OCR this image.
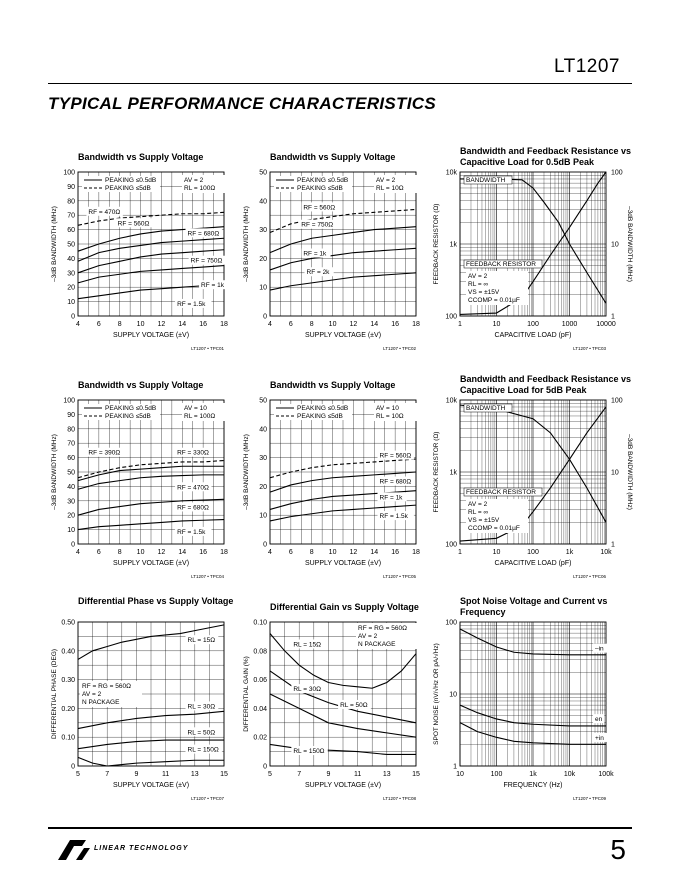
LT1207
TYPICAL PERFORMANCE CHARACTERISTICS
Bandwidth vs Supply Voltage
4 6 8 10 12 14 16 18
0
10
20
30
40
50
60
70
80
90
100
SUPPLY VOLTAGE (±V)
–3dB BANDWIDTH (MHz)	RF = 470Ω
RF = 560Ω
RF = 680Ω
RF = 750Ω
RF = 1k
RF = 1.5k
PEAKING ≤0.5dB
PEAKING ≤5dB
AV = 2
RL = 100Ω
LT1207 • TPC01
Bandwidth vs Supply Voltage
4 6 8 10 12 14 16 18
0
10
20
30
40
50
SUPPLY VOLTAGE (±V)
–3dB BANDWIDTH (MHz)	RF = 560Ω
RF = 750Ω
RF = 1k
RF = 2k
PEAKING ≤0.5dB
PEAKING ≤5dB
AV = 2
RL = 10Ω
LT1207 • TPC02
Bandwidth and Feedback Resistance vs Capacitive Load for 0.5dB Peak
1	10	100	1000	10000
100
1k
10k
1
10
100
CAPACITIVE LOAD (pF)
FEEDBACK RESISTOR (Ω)	–3dB BANDWIDTH (MHz)
BANDWIDTH
FEEDBACK RESISTOR
AV = 2
RL = ∞
VS = ±15V
CCOMP = 0.01µF
LT1207 • TPC03
Bandwidth vs Supply Voltage
4 6 8 10 12 14 16 18
0
10
20
30
40
50
60
70
80
90
100
SUPPLY VOLTAGE (±V)
–3dB BANDWIDTH (MHz)	RF = 390Ω	RF = 330Ω
RF = 470Ω
RF = 680Ω
RF = 1.5k
PEAKING ≤0.5dB
PEAKING ≤5dB
AV = 10
RL = 100Ω
LT1207 • TPC04
Bandwidth vs Supply Voltage
4 6 8 10 12 14 16 18
0
10
20
30
40
50
SUPPLY VOLTAGE (±V)
–3dB BANDWIDTH (MHz)	RF = 560Ω
RF = 680Ω
RF = 1k
RF = 1.5k
PEAKING ≤0.5dB
PEAKING ≤5dB
AV = 10
RL = 10Ω
LT1207 • TPC05
Bandwidth and Feedback Resistance vs Capacitive Load for 5dB Peak
1	10	100	1k	10k
100
1k
10k
1
10
100
CAPACITIVE LOAD (pF)
FEEDBACK RESISTOR (Ω)	–3dB BANDWIDTH (MHz)
BANDWIDTH
FEEDBACK RESISTOR
AV = 2
RL = ∞
VS = ±15V
CCOMP = 0.01µF
LT1207 • TPC06
Differential Phase vs Supply Voltage
5	7	9	11	13	15
0
0.10
0.20
0.30
0.40
0.50
SUPPLY VOLTAGE (±V)
DIFFERENTIAL PHASE (DEG)
RL = 15Ω
RL = 30Ω
RL = 50Ω
RL = 150Ω
RF = RG = 560Ω
AV = 2
N PACKAGE
LT1207 • TPC07
Differential Gain vs Supply Voltage
5	7	9	11	13	15
0
0.02
0.04
0.06
0.08
0.10
SUPPLY VOLTAGE (±V)
DIFFERENTIAL GAIN (%)
RL = 15Ω
RL = 30Ω
RL = 50Ω
RL = 150Ω
RF = RG = 560Ω
AV = 2
N PACKAGE
LT1207 • TPC08
Spot Noise Voltage and Current vs Frequency
10	100	1k	10k	100k
1
10
100
FREQUENCY (Hz)
SPOT NOISE (nV/√Hz OR pA/√Hz)	–in
en
+in
LT1207 • TPC09
LINEAR TECHNOLOGY	5
